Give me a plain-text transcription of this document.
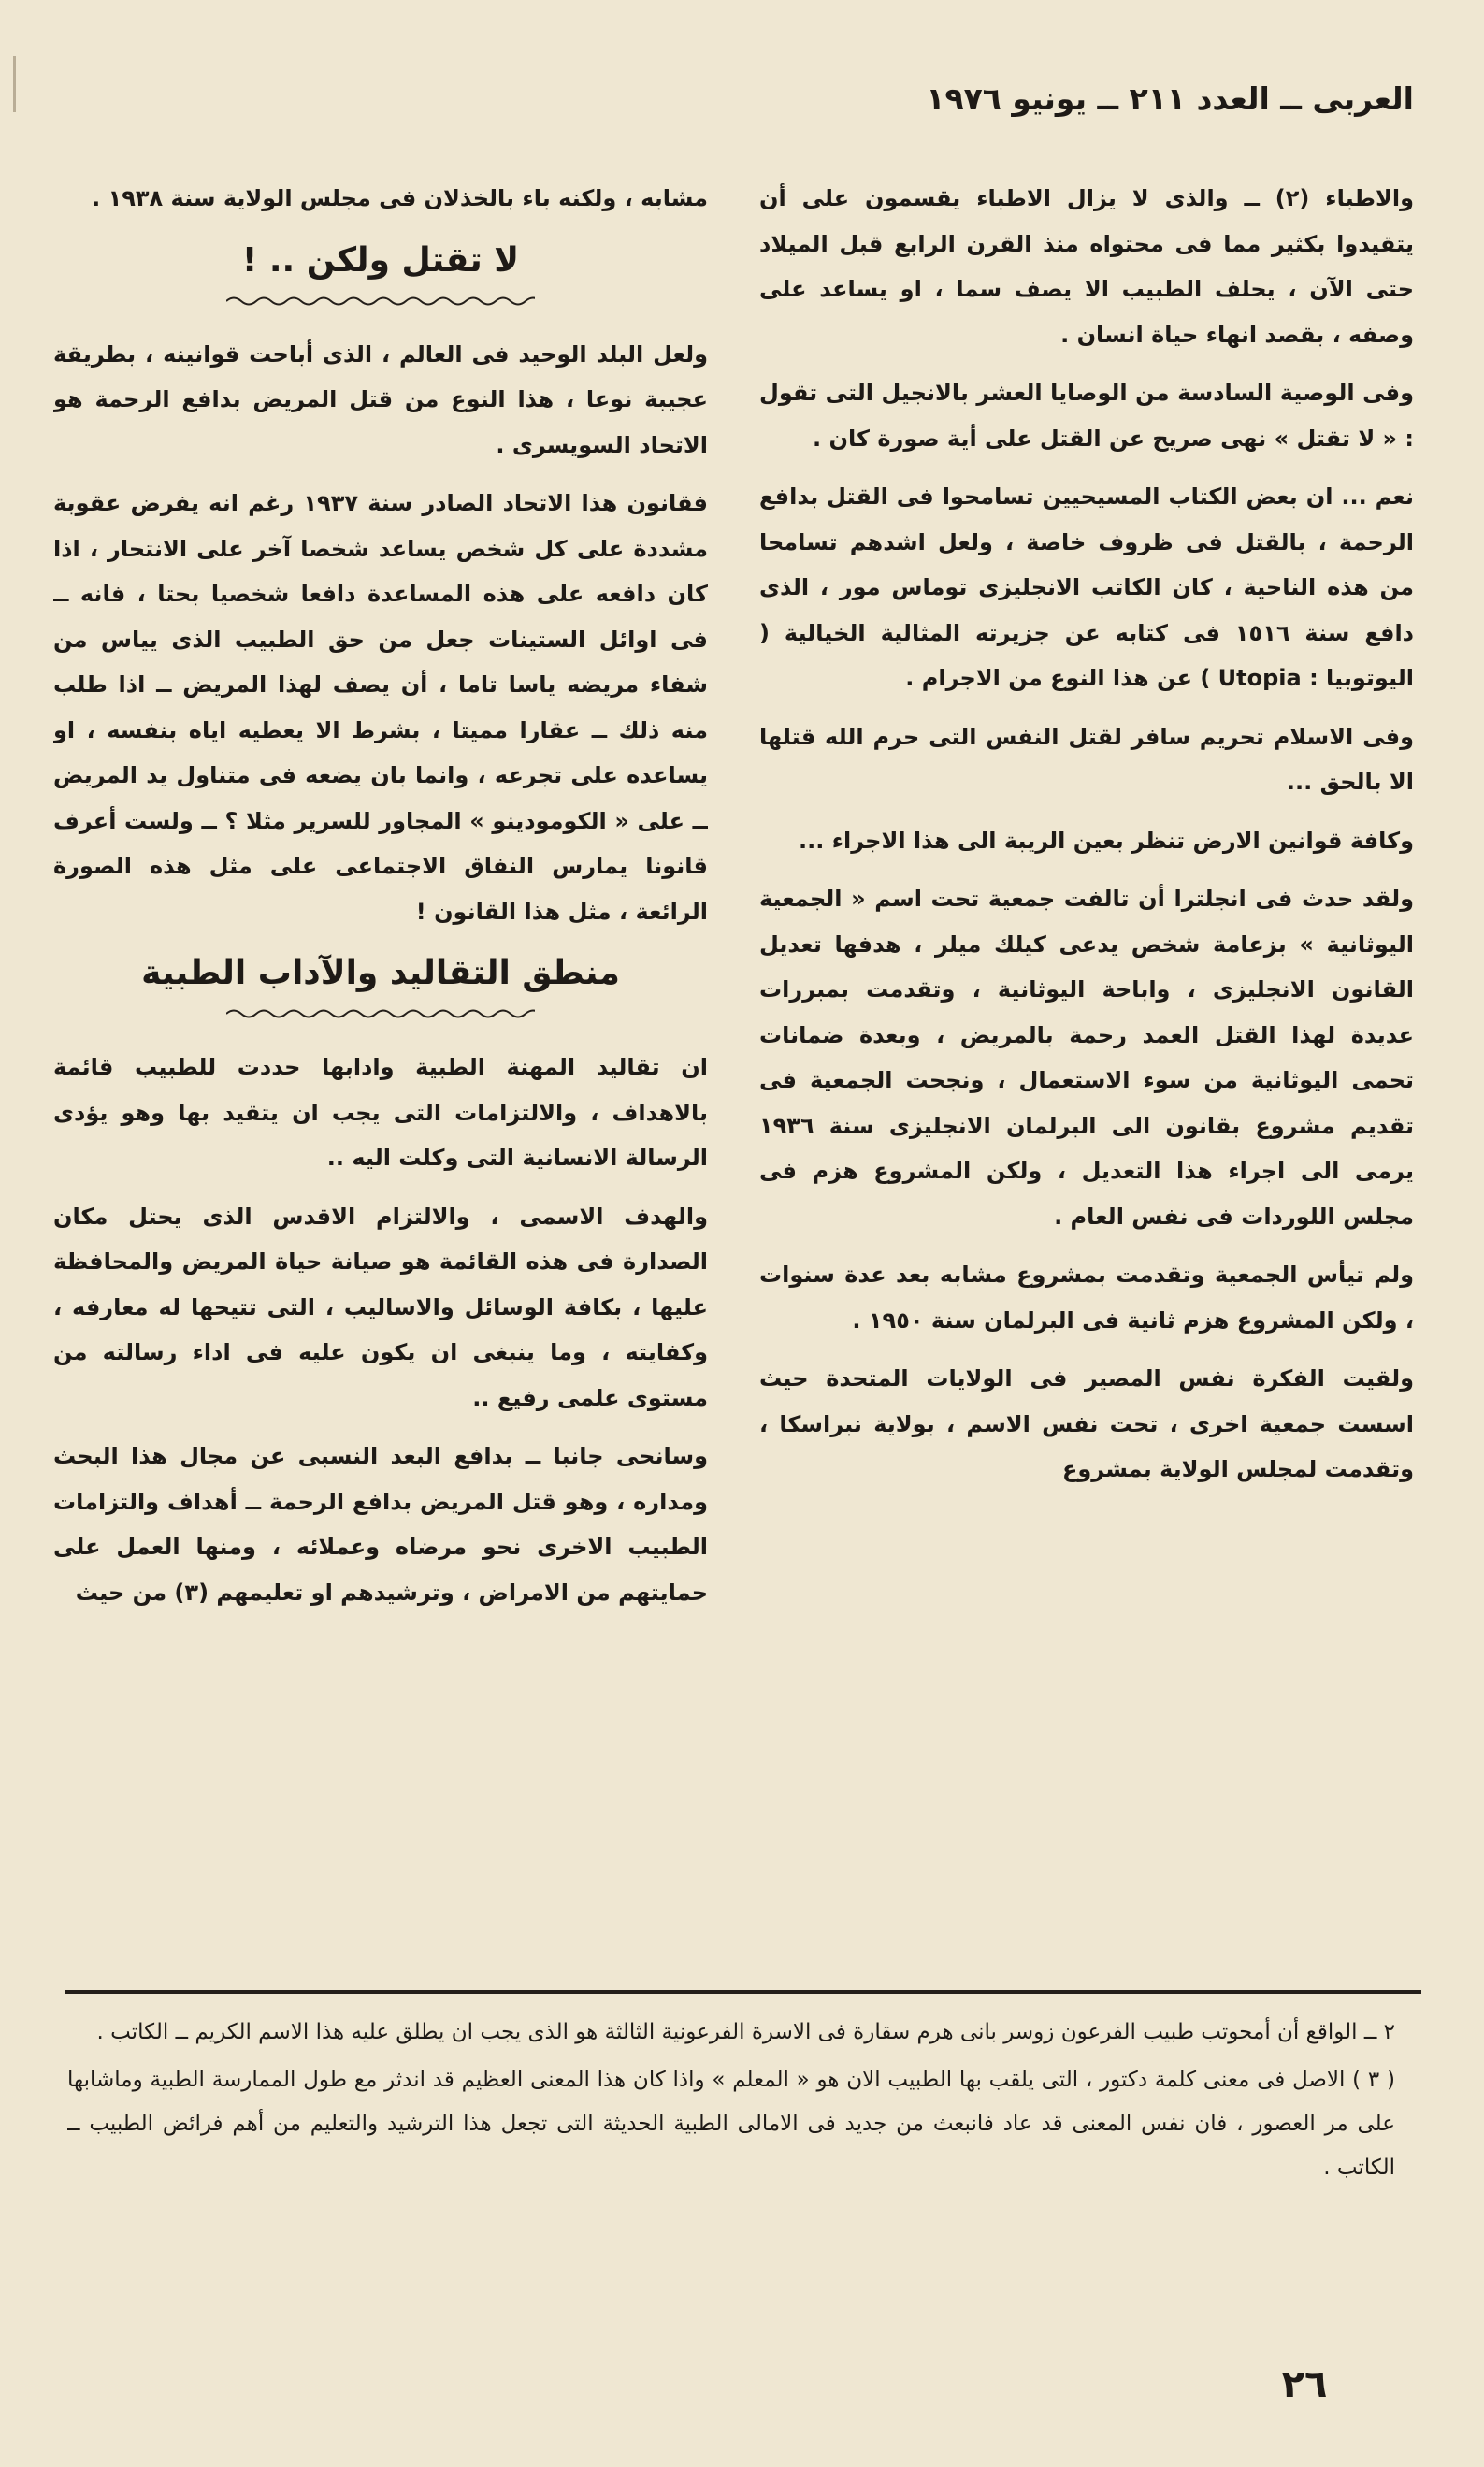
العربى ــ العدد ٢١١ ــ يونيو ١٩٧٦

والاطباء (٢) ــ والذى لا يزال الاطباء يقسمون على أن يتقيدوا بكثير مما فى محتواه منذ القرن الرابع قبل الميلاد حتى الآن ، يحلف الطبيب الا يصف سما ، او يساعد على وصفه ، بقصد انهاء حياة انسان .

وفى الوصية السادسة من الوصايا العشر بالانجيل التى تقول : « لا تقتل » نهى صريح عن القتل على أية صورة كان .

نعم ... ان بعض الكتاب المسيحيين تسامحوا فى القتل بدافع الرحمة ، بالقتل فى ظروف خاصة ، ولعل اشدهم تسامحا من هذه الناحية ، كان الكاتب الانجليزى توماس مور ، الذى دافع سنة ١٥١٦ فى كتابه عن جزيرته المثالية الخيالية ( اليوتوبيا : Utopia ) عن هذا النوع من الاجرام .

وفى الاسلام تحريم سافر لقتل النفس التى حرم الله قتلها الا بالحق ...

وكافة قوانين الارض تنظر بعين الريبة الى هذا الاجراء ...

ولقد حدث فى انجلترا أن تالفت جمعية تحت اسم « الجمعية اليوثانية » بزعامة شخص يدعى كيلك ميلر ، هدفها تعديل القانون الانجليزى ، واباحة اليوثانية ، وتقدمت بمبررات عديدة لهذا القتل العمد رحمة بالمريض ، وبعدة ضمانات تحمى اليوثانية من سوء الاستعمال ، ونجحت الجمعية فى تقديم مشروع بقانون الى البرلمان الانجليزى سنة ١٩٣٦ يرمى الى اجراء هذا التعديل ، ولكن المشروع هزم فى مجلس اللوردات فى نفس العام .

ولم تيأس الجمعية وتقدمت بمشروع مشابه بعد عدة سنوات ، ولكن المشروع هزم ثانية فى البرلمان سنة ١٩٥٠ .

ولقيت الفكرة نفس المصير فى الولايات المتحدة حيث اسست جمعية اخرى ، تحت نفس الاسم ، بولاية نبراسكا ، وتقدمت لمجلس الولاية بمشروع

مشابه ، ولكنه باء بالخذلان فى مجلس الولاية سنة ١٩٣٨ .

لا تقتل ولكن .. !

ولعل البلد الوحيد فى العالم ، الذى أباحت قوانينه ، بطريقة عجيبة نوعا ، هذا النوع من قتل المريض بدافع الرحمة هو الاتحاد السويسرى .

فقانون هذا الاتحاد الصادر سنة ١٩٣٧ رغم انه يفرض عقوبة مشددة على كل شخص يساعد شخصا آخر على الانتحار ، اذا كان دافعه على هذه المساعدة دافعا شخصيا بحتا ، فانه ــ فى اوائل الستينات جعل من حق الطبيب الذى يياس من شفاء مريضه ياسا تاما ، أن يصف لهذا المريض ــ اذا طلب منه ذلك ــ عقارا مميتا ، بشرط الا يعطيه اياه بنفسه ، او يساعده على تجرعه ، وانما بان يضعه فى متناول يد المريض ــ على « الكومودينو » المجاور للسرير مثلا ؟ ــ ولست أعرف قانونا يمارس النفاق الاجتماعى على مثل هذه الصورة الرائعة ، مثل هذا القانون !

منطق التقاليد والآداب الطبية

ان تقاليد المهنة الطبية وادابها حددت للطبيب قائمة بالاهداف ، والالتزامات التى يجب ان يتقيد بها وهو يؤدى الرسالة الانسانية التى وكلت اليه ..

والهدف الاسمى ، والالتزام الاقدس الذى يحتل مكان الصدارة فى هذه القائمة هو صيانة حياة المريض والمحافظة عليها ، بكافة الوسائل والاساليب ، التى تتيحها له معارفه ، وكفايته ، وما ينبغى ان يكون عليه فى اداء رسالته من مستوى علمى رفيع ..

وسانحى جانبا ــ بدافع البعد النسبى عن مجال هذا البحث ومداره ، وهو قتل المريض بدافع الرحمة ــ أهداف والتزامات الطبيب الاخرى نحو مرضاه وعملائه ، ومنها العمل على حمايتهم من الامراض ، وترشيدهم او تعليمهم (٣) من حيث

٢ ــ الواقع أن أمحوتب طبيب الفرعون زوسر بانى هرم سقارة فى الاسرة الفرعونية الثالثة هو الذى يجب ان يطلق عليه هذا الاسم الكريم ــ الكاتب .

( ٣ ) الاصل فى معنى كلمة دكتور ، التى يلقب بها الطبيب الان هو « المعلم » واذا كان هذا المعنى العظيم قد اندثر مع طول الممارسة الطبية وماشابها على مر العصور ، فان نفس المعنى قد عاد فانبعث من جديد فى الامالى الطبية الحديثة التى تجعل هذا الترشيد والتعليم من أهم فرائض الطبيب ــ الكاتب .

٢٦
